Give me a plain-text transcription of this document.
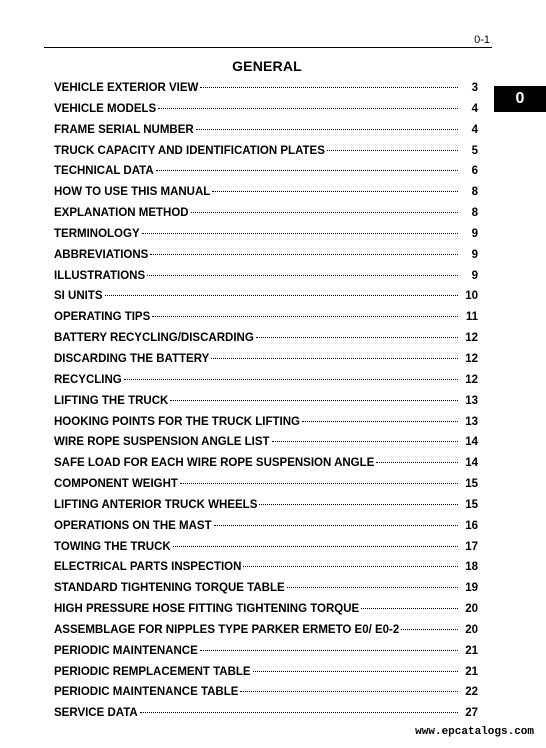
0-1
GENERAL
0
VEHICLE EXTERIOR VIEW	3
VEHICLE MODELS	4
FRAME SERIAL NUMBER	4
TRUCK CAPACITY AND IDENTIFICATION PLATES	5
TECHNICAL DATA	6
HOW TO USE THIS MANUAL	8
EXPLANATION METHOD	8
TERMINOLOGY	9
ABBREVIATIONS	9
ILLUSTRATIONS	9
SI UNITS	10
OPERATING TIPS	11
BATTERY RECYCLING/DISCARDING	12
DISCARDING THE BATTERY	12
RECYCLING	12
LIFTING THE TRUCK	13
HOOKING POINTS FOR THE TRUCK LIFTING	13
WIRE ROPE SUSPENSION ANGLE LIST	14
SAFE LOAD FOR EACH WIRE ROPE SUSPENSION ANGLE	14
COMPONENT WEIGHT	15
LIFTING ANTERIOR TRUCK WHEELS	15
OPERATIONS ON THE MAST	16
TOWING THE TRUCK	17
ELECTRICAL PARTS INSPECTION	18
STANDARD TIGHTENING TORQUE TABLE	19
HIGH PRESSURE HOSE FITTING TIGHTENING TORQUE	20
ASSEMBLAGE FOR NIPPLES TYPE PARKER ERMETO E0/ E0-2	20
PERIODIC MAINTENANCE	21
PERIODIC REMPLACEMENT TABLE	21
PERIODIC MAINTENANCE TABLE	22
SERVICE DATA	27
www.epcatalogs.com
